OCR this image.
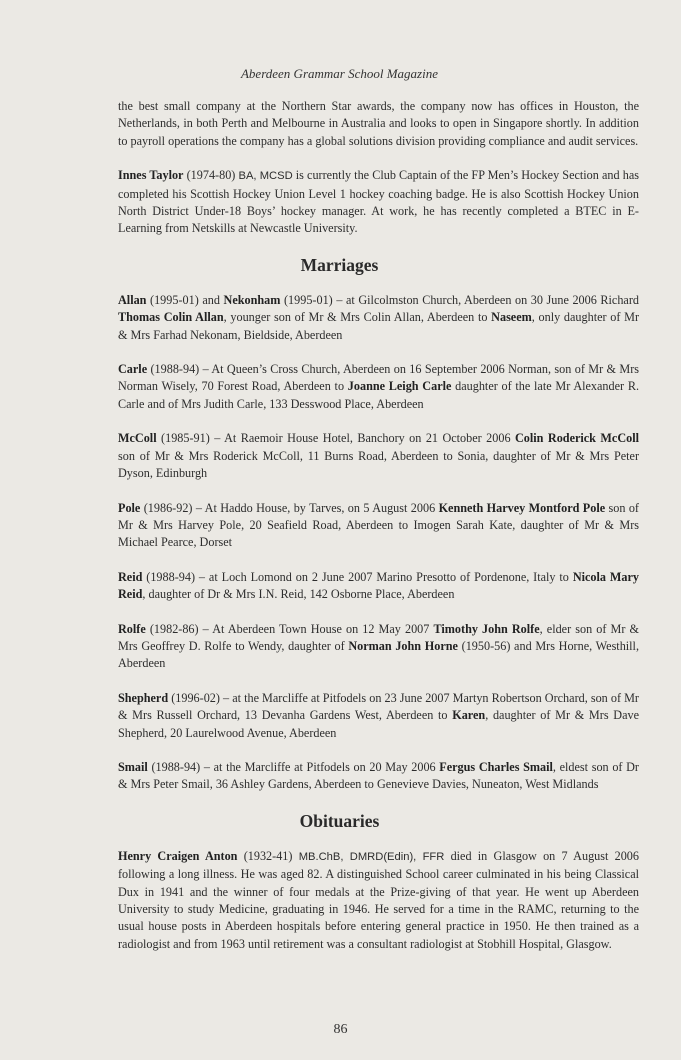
Aberdeen Grammar School Magazine

the best small company at the Northern Star awards, the company now has offices in Houston, the Netherlands, in both Perth and Melbourne in Australia and looks to open in Singapore shortly. In addition to payroll operations the company has a global solutions division providing compliance and audit services.

Innes Taylor (1974-80) BA, MCSD is currently the Club Captain of the FP Men’s Hockey Section and has completed his Scottish Hockey Union Level 1 hockey coaching badge. He is also Scottish Hockey Union North District Under-18 Boys’ hockey manager. At work, he has recently completed a BTEC in E-Learning from Netskills at Newcastle University.

Marriages

Allan (1995-01) and Nekonham (1995-01) – at Gilcolmston Church, Aberdeen on 30 June 2006 Richard Thomas Colin Allan, younger son of Mr & Mrs Colin Allan, Aberdeen to Naseem, only daughter of Mr & Mrs Farhad Nekonam, Bieldside, Aberdeen

Carle (1988-94) – At Queen’s Cross Church, Aberdeen on 16 September 2006 Norman, son of Mr & Mrs Norman Wisely, 70 Forest Road, Aberdeen to Joanne Leigh Carle daughter of the late Mr Alexander R. Carle and of Mrs Judith Carle, 133 Desswood Place, Aberdeen

McColl (1985-91) – At Raemoir House Hotel, Banchory on 21 October 2006 Colin Roderick McColl son of Mr & Mrs Roderick McColl, 11 Burns Road, Aberdeen to Sonia, daughter of Mr & Mrs Peter Dyson, Edinburgh

Pole (1986-92) – At Haddo House, by Tarves, on 5 August 2006 Kenneth Harvey Montford Pole son of Mr & Mrs Harvey Pole, 20 Seafield Road, Aberdeen to Imogen Sarah Kate, daughter of Mr & Mrs Michael Pearce, Dorset

Reid (1988-94) – at Loch Lomond on 2 June 2007 Marino Presotto of Pordenone, Italy to Nicola Mary Reid, daughter of Dr & Mrs I.N. Reid, 142 Osborne Place, Aberdeen

Rolfe (1982-86) – At Aberdeen Town House on 12 May 2007 Timothy John Rolfe, elder son of Mr & Mrs Geoffrey D. Rolfe to Wendy, daughter of Norman John Horne (1950-56) and Mrs Horne, Westhill, Aberdeen

Shepherd (1996-02) – at the Marcliffe at Pitfodels on 23 June 2007 Martyn Robertson Orchard, son of Mr & Mrs Russell Orchard, 13 Devanha Gardens West, Aberdeen to Karen, daughter of Mr & Mrs Dave Shepherd, 20 Laurelwood Avenue, Aberdeen

Smail (1988-94) – at the Marcliffe at Pitfodels on 20 May 2006 Fergus Charles Smail, eldest son of Dr & Mrs Peter Smail, 36 Ashley Gardens, Aberdeen to Genevieve Davies, Nuneaton, West Midlands

Obituaries

Henry Craigen Anton (1932-41) MB.ChB, DMRD(Edin), FFR died in Glasgow on 7 August 2006 following a long illness. He was aged 82. A distinguished School career culminated in his being Classical Dux in 1941 and the winner of four medals at the Prize-giving of that year. He went up Aberdeen University to study Medicine, graduating in 1946. He served for a time in the RAMC, returning to the usual house posts in Aberdeen hospitals before entering general practice in 1950. He then trained as a radiologist and from 1963 until retirement was a consultant radiologist at Stobhill Hospital, Glasgow.

86
